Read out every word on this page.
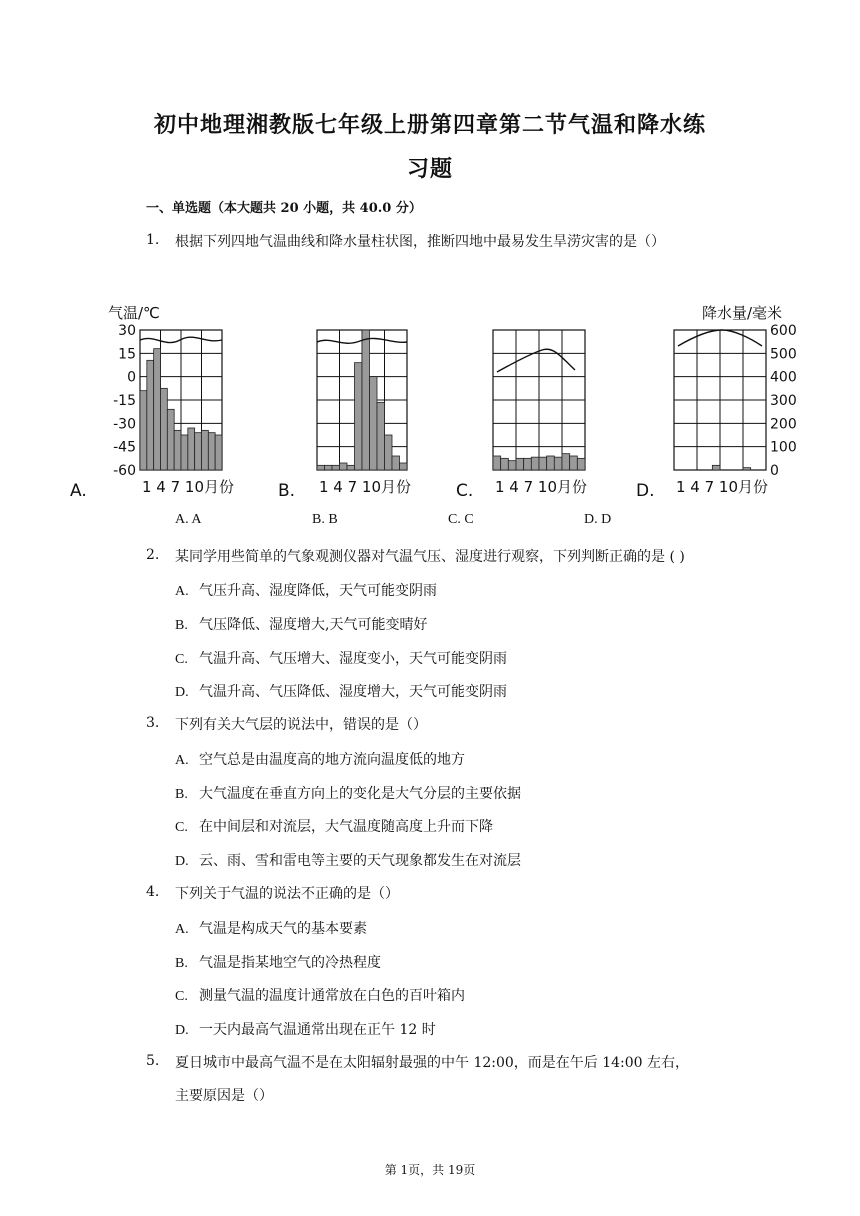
初中地理湘教版七年级上册第四章第二节气温和降水练
习题
一、单选题（本大题共 20 小题，共 40.0 分）
1. 根据下列四地气温曲线和降水量柱状图，推断四地中最易发生旱涝灾害的是（）
1 4 7 10月份
A.	1 4 7 10月份
B.	1 4 7 10月份
C.	1 4 7 10月份
D.
气温/℃
30
15
0
-15
-30
-45
-60
降水量/毫米
600
500
400
300
200
100
0
A. A	B. B	C. C	D. D
2. 某同学用些简单的气象观测仪器对气温气压、湿度进行观察，下列判断正确的是 ( )
A. 气压升高、湿度降低，天气可能变阴雨
B. 气压降低、湿度增大,天气可能变晴好
C. 气温升高、气压增大、湿度变小，天气可能变阴雨
D. 气温升高、气压降低、湿度增大，天气可能变阴雨
3. 下列有关大气层的说法中，错误的是（）
A. 空气总是由温度高的地方流向温度低的地方
B. 大气温度在垂直方向上的变化是大气分层的主要依据
C. 在中间层和对流层，大气温度随高度上升而下降
D. 云、雨、雪和雷电等主要的天气现象都发生在对流层
4. 下列关于气温的说法不正确的是（）
A. 气温是构成天气的基本要素
B. 气温是指某地空气的冷热程度
C. 测量气温的温度计通常放在白色的百叶箱内
D. 一天内最高气温通常出现在正午 12 时
5. 夏日城市中最高气温不是在太阳辐射最强的中午 12:00，而是在午后 14:00 左右，
主要原因是（）
第 1页，共 19页
